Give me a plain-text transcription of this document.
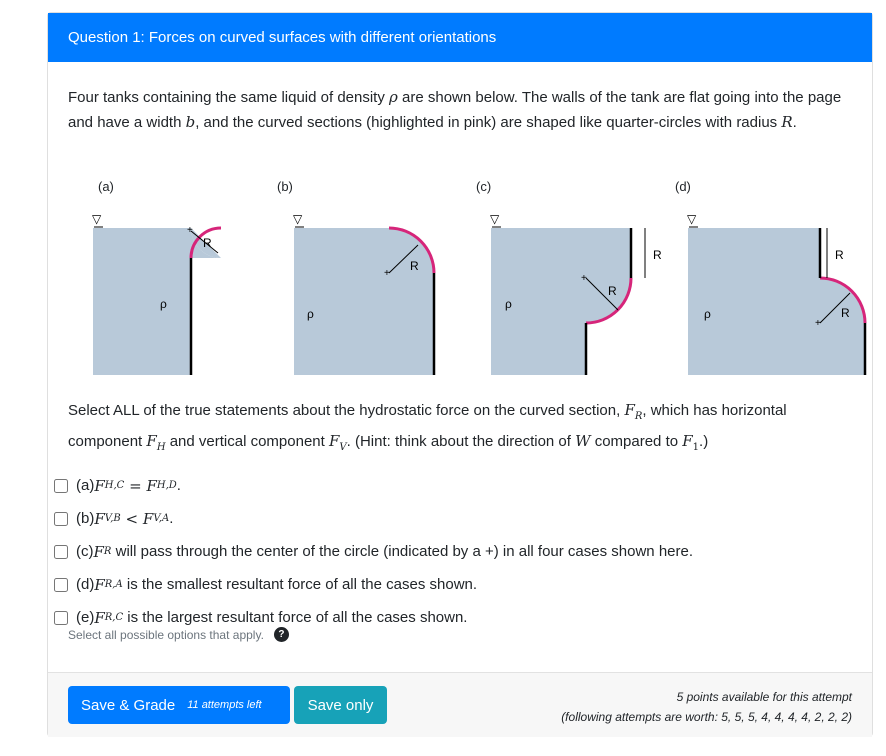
Question 1: Forces on curved surfaces with different orientations
Four tanks containing the same liquid of density ρ are shown below. The walls of the tank are flat going into the page and have a width b, and the curved sections (highlighted in pink) are shaped like quarter-circles with radius R.
(a)	(b)	(c)	(d)
▽
ρ
+
R
▽
ρ
+
R
R
▽
ρ
+
R
R
▽
ρ
+
R
Select ALL of the true statements about the hydrostatic force on the curved section, $F_R$, which has horizontal component $F_H$ and vertical component $F_V$. (Hint: think about the direction of W compared to $F_1$.)
(a) F H,C = F H,D .
(b) F V,B < F V,A .
(c) F R will pass through the center of the circle (indicated by a +) in all four cases shown here.
(d) F R,A is the smallest resultant force of all the cases shown.
(e) F R,C is the largest resultant force of all the cases shown.
Select all possible options that apply.	?
Save & Grade 11 attempts left	Save only	5 points available for this attempt
(following attempts are worth: 5, 5, 5, 4, 4, 4, 4, 2, 2, 2)
